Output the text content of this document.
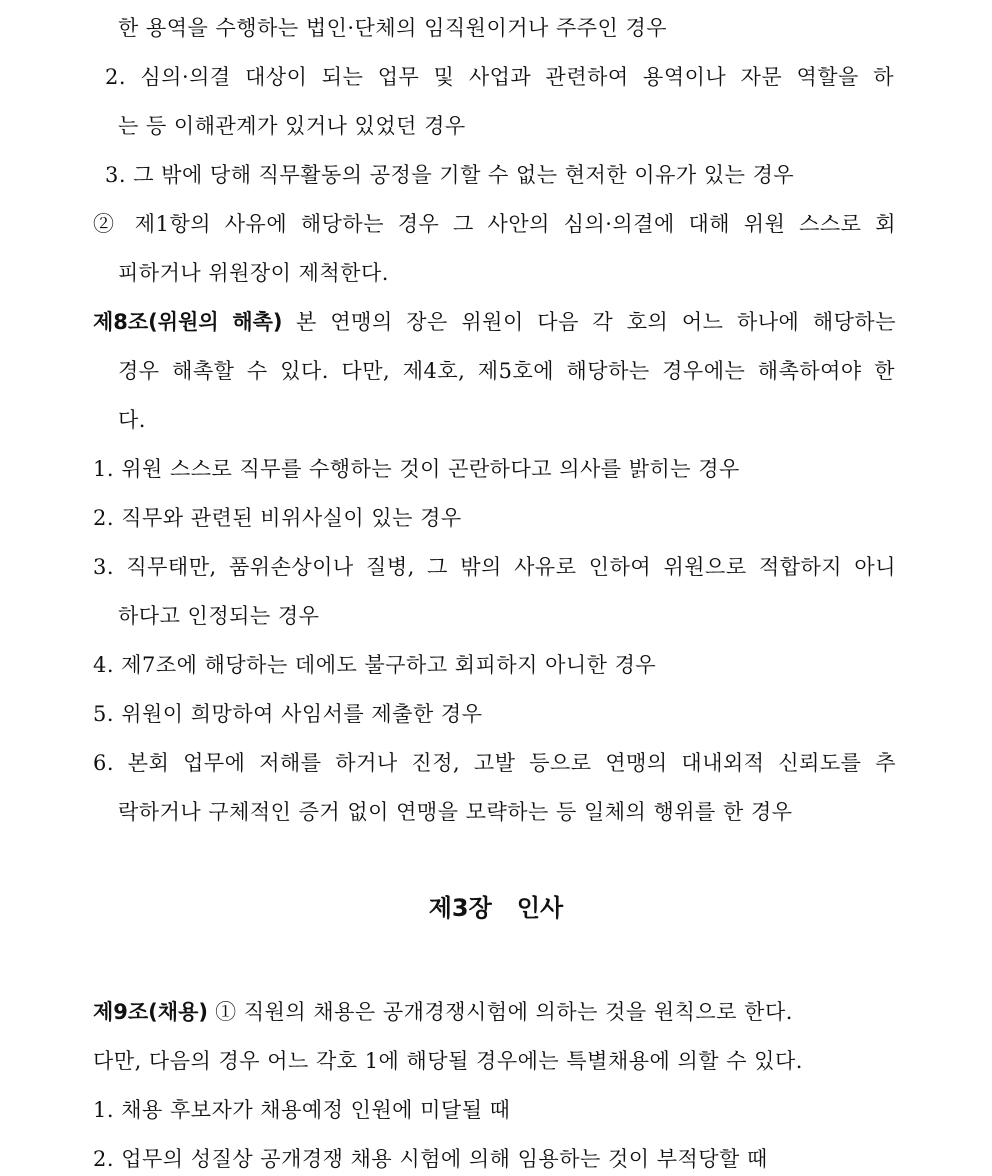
한 용역을 수행하는 법인·단체의 임직원이거나 주주인 경우
2. 심의·의결 대상이 되는 업무 및 사업과 관련하여 용역이나 자문 역할을 하
는 등 이해관계가 있거나 있었던 경우
3. 그 밖에 당해 직무활동의 공정을 기할 수 없는 현저한 이유가 있는 경우
② 제1항의 사유에 해당하는 경우 그 사안의 심의·의결에 대해 위원 스스로 회
피하거나 위원장이 제척한다.
제8조(위원의 해촉) 본 연맹의 장은 위원이 다음 각 호의 어느 하나에 해당하는
경우 해촉할 수 있다. 다만, 제4호, 제5호에 해당하는 경우에는 해촉하여야 한
다.
1. 위원 스스로 직무를 수행하는 것이 곤란하다고 의사를 밝히는 경우
2. 직무와 관련된 비위사실이 있는 경우
3. 직무태만, 품위손상이나 질병, 그 밖의 사유로 인하여 위원으로 적합하지 아니
하다고 인정되는 경우
4. 제7조에 해당하는 데에도 불구하고 회피하지 아니한 경우
5. 위원이 희망하여 사임서를 제출한 경우
6. 본회 업무에 저해를 하거나 진정, 고발 등으로 연맹의 대내외적 신뢰도를 추
락하거나 구체적인 증거 없이 연맹을 모략하는 등 일체의 행위를 한 경우
제3장   인사
제9조(채용) ① 직원의 채용은 공개경쟁시험에 의하는 것을 원칙으로 한다.
다만, 다음의 경우 어느 각호 1에 해당될 경우에는 특별채용에 의할 수 있다.
1. 채용 후보자가 채용예정 인원에 미달될 때
2. 업무의 성질상 공개경쟁 채용 시험에 의해 임용하는 것이 부적당할 때
